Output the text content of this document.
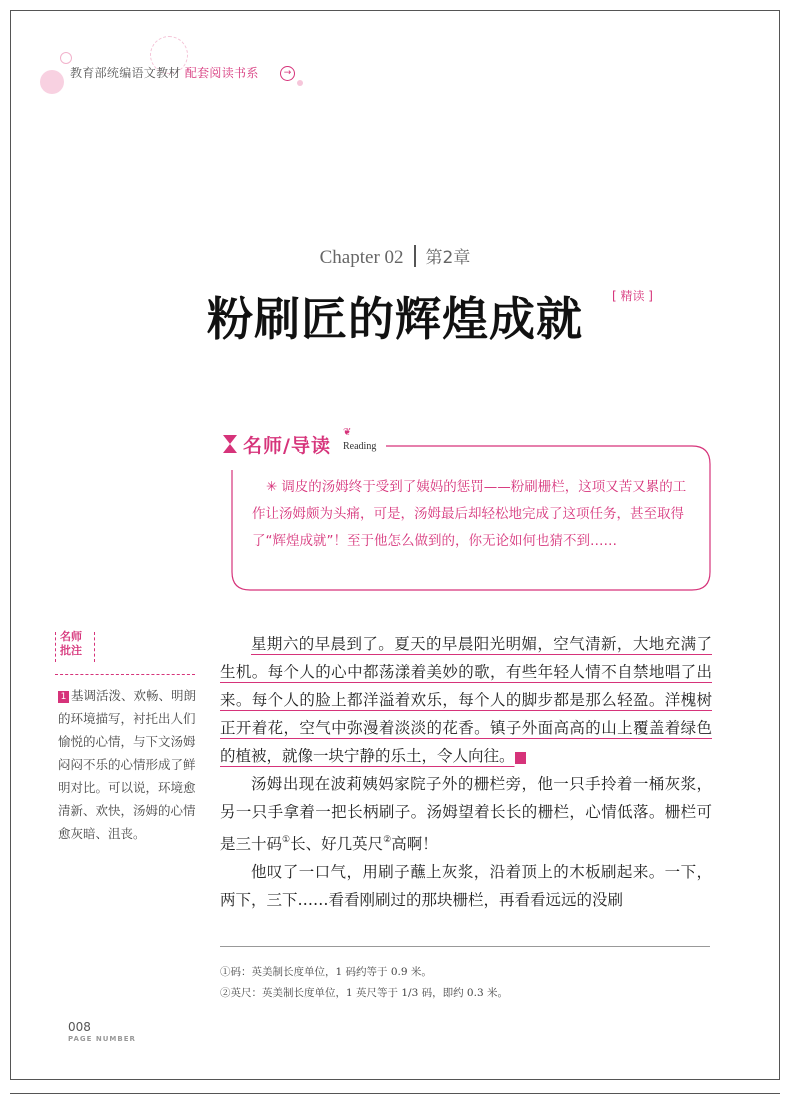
教育部统编语文教材 配套阅读书系	→
Chapter 02 第2章
粉刷匠的辉煌成就 [ 精读 ]
名师/导读
❦
Reading
✳ 调皮的汤姆终于受到了姨妈的惩罚——粉刷栅栏，这项又苦又累的工作让汤姆颇为头痛，可是，汤姆最后却轻松地完成了这项任务，甚至取得了“辉煌成就”！至于他怎么做到的，你无论如何也猜不到……
名师
批注
1 基调活泼、欢畅、明朗的环境描写，衬托出人们愉悦的心情，与下文汤姆闷闷不乐的心情形成了鲜明对比。可以说，环境愈清新、欢快，汤姆的心情愈灰暗、沮丧。

星期六的早晨到了。夏天的早晨阳光明媚，空气清新，大地充满了生机。每个人的心中都荡漾着美妙的歌，有些年轻人情不自禁地唱了出来。每个人的脸上都洋溢着欢乐，每个人的脚步都是那么轻盈。洋槐树正开着花，空气中弥漫着淡淡的花香。镇子外面高高的山上覆盖着绿色的植被，就像一块宁静的乐土，令人向往。	1

汤姆出现在波莉姨妈家院子外的栅栏旁，他一只手拎着一桶灰浆，另一只手拿着一把长柄刷子。汤姆望着长长的栅栏，心情低落。栅栏可是三十码①长、好几英尺②高啊！

他叹了一口气，用刷子蘸上灰浆，沿着顶上的木板刷起来。一下，两下，三下……看看刚刷过的那块栅栏，再看看远远的没刷

①码：英美制长度单位，1 码约等于 0.9 米。
②英尺：英美制长度单位，1 英尺等于 1/3 码，即约 0.3 米。
008
PAGE NUMBER
